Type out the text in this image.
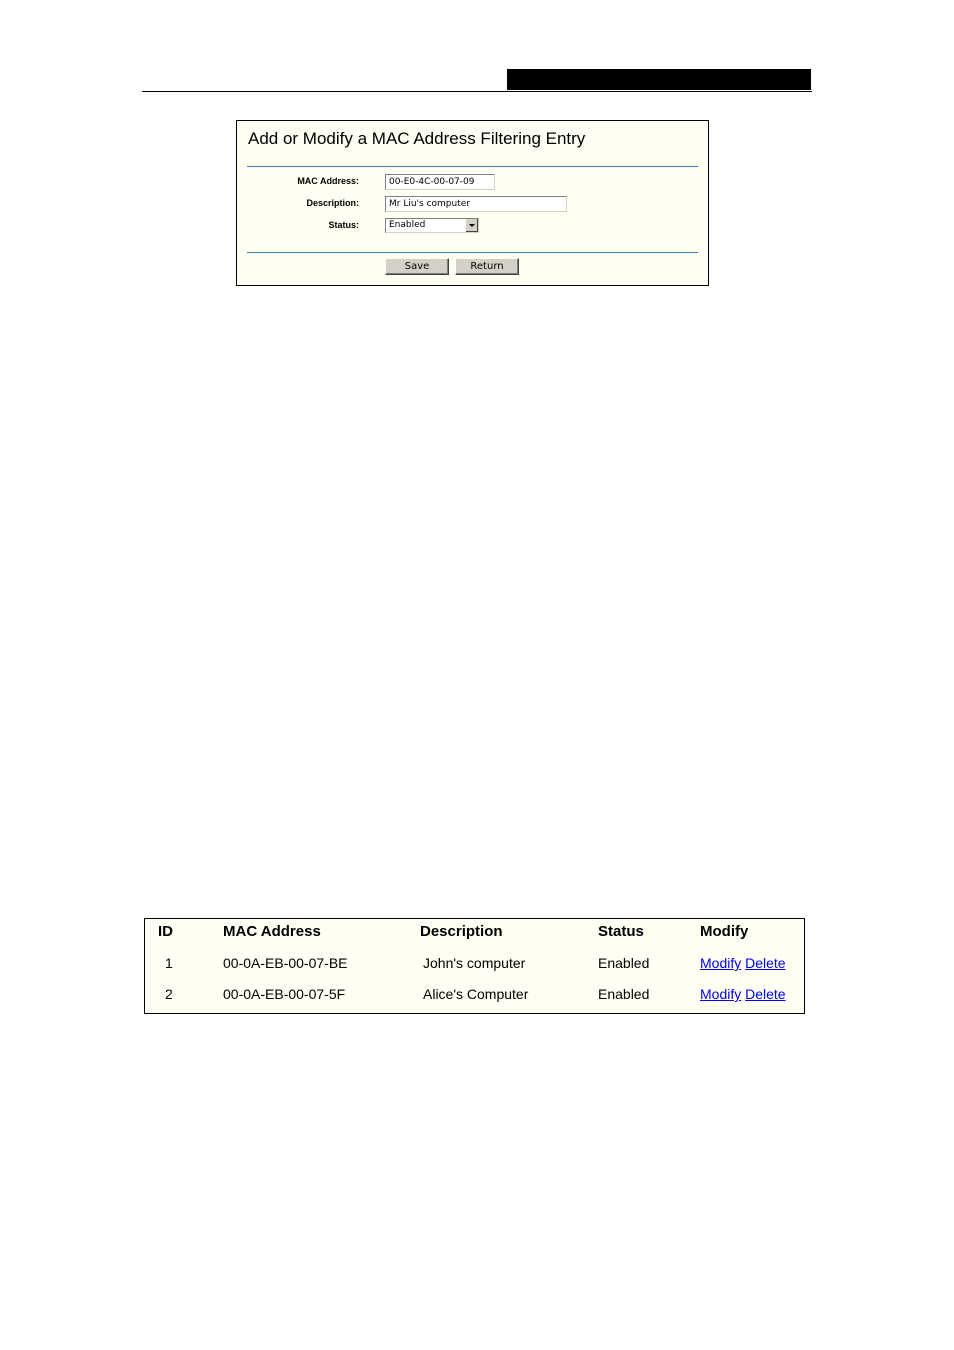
Add or Modify a MAC Address Filtering Entry
MAC Address:	00-E0-4C-00-07-09
Description:	Mr Liu's computer
Status:	Enabled
Save	Return
ID	MAC Address	Description	Status	Modify
1	00-0A-EB-00-07-BE	John's computer	Enabled	Modify Delete
2	00-0A-EB-00-07-5F	Alice's Computer	Enabled	Modify Delete
